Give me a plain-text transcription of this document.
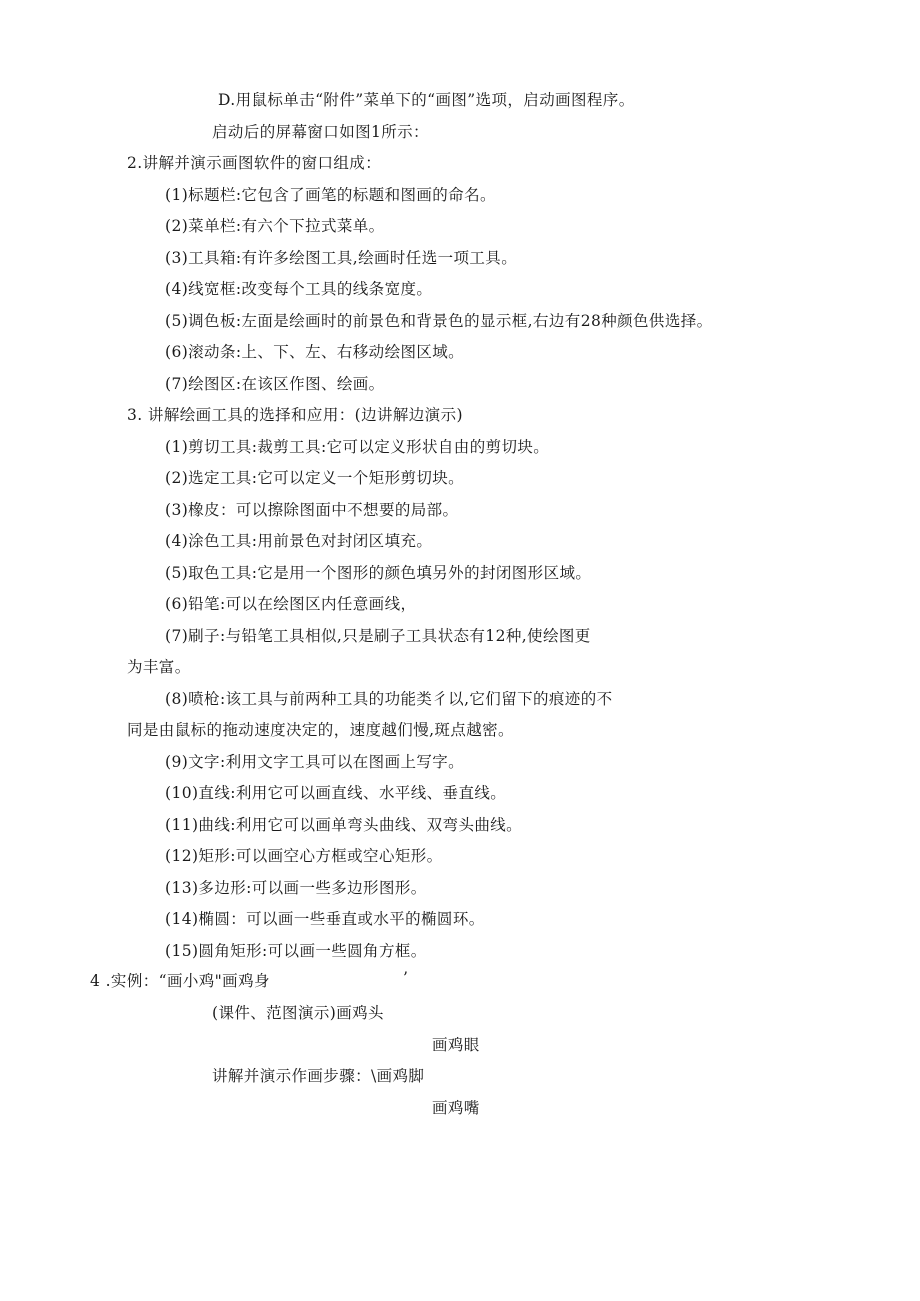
D.用鼠标单击“附件”菜单下的“画图”选项，启动画图程序。
启动后的屏幕窗口如图1所示：
2.讲解并演示画图软件的窗口组成：
(1)标题栏:它包含了画笔的标题和图画的命名。
(2)菜单栏:有六个下拉式菜单。
(3)工具箱:有许多绘图工具,绘画时任选一项工具。
(4)线宽框:改变每个工具的线条宽度。
(5)调色板:左面是绘画时的前景色和背景色的显示框,右边有28种颜色供选择。
(6)滚动条:上、下、左、右移动绘图区域。
(7)绘图区:在该区作图、绘画。
3. 讲解绘画工具的选择和应用：(边讲解边演示)
(1)剪切工具:裁剪工具:它可以定义形状自由的剪切块。
(2)选定工具:它可以定义一个矩形剪切块。
(3)橡皮：可以擦除图面中不想要的局部。
(4)涂色工具:用前景色对封闭区填充。
(5)取色工具:它是用一个图形的颜色填另外的封闭图形区域。
(6)铅笔:可以在绘图区内任意画线，
(7)刷子:与铅笔工具相似,只是刷子工具状态有12种,使绘图更
为丰富。
(8)喷枪:该工具与前两种工具的功能类彳以,它们留下的痕迹的不
同是由鼠标的拖动速度决定的，速度越们慢,斑点越密。
(9)文字:利用文字工具可以在图画上写字。
(10)直线:利用它可以画直线、水平线、垂直线。
(11)曲线:利用它可以画单弯头曲线、双弯头曲线。
(12)矩形:可以画空心方框或空心矩形。
(13)多边形:可以画一些多边形图形。
(14)椭圆：可以画一些垂直或水平的椭圆环。
(15)圆角矩形:可以画一些圆角方框。
4 .实例：“画小鸡"画鸡身	’
(课件、范图演示)画鸡头
画鸡眼
讲解并演示作画步骤：\画鸡脚
画鸡嘴
